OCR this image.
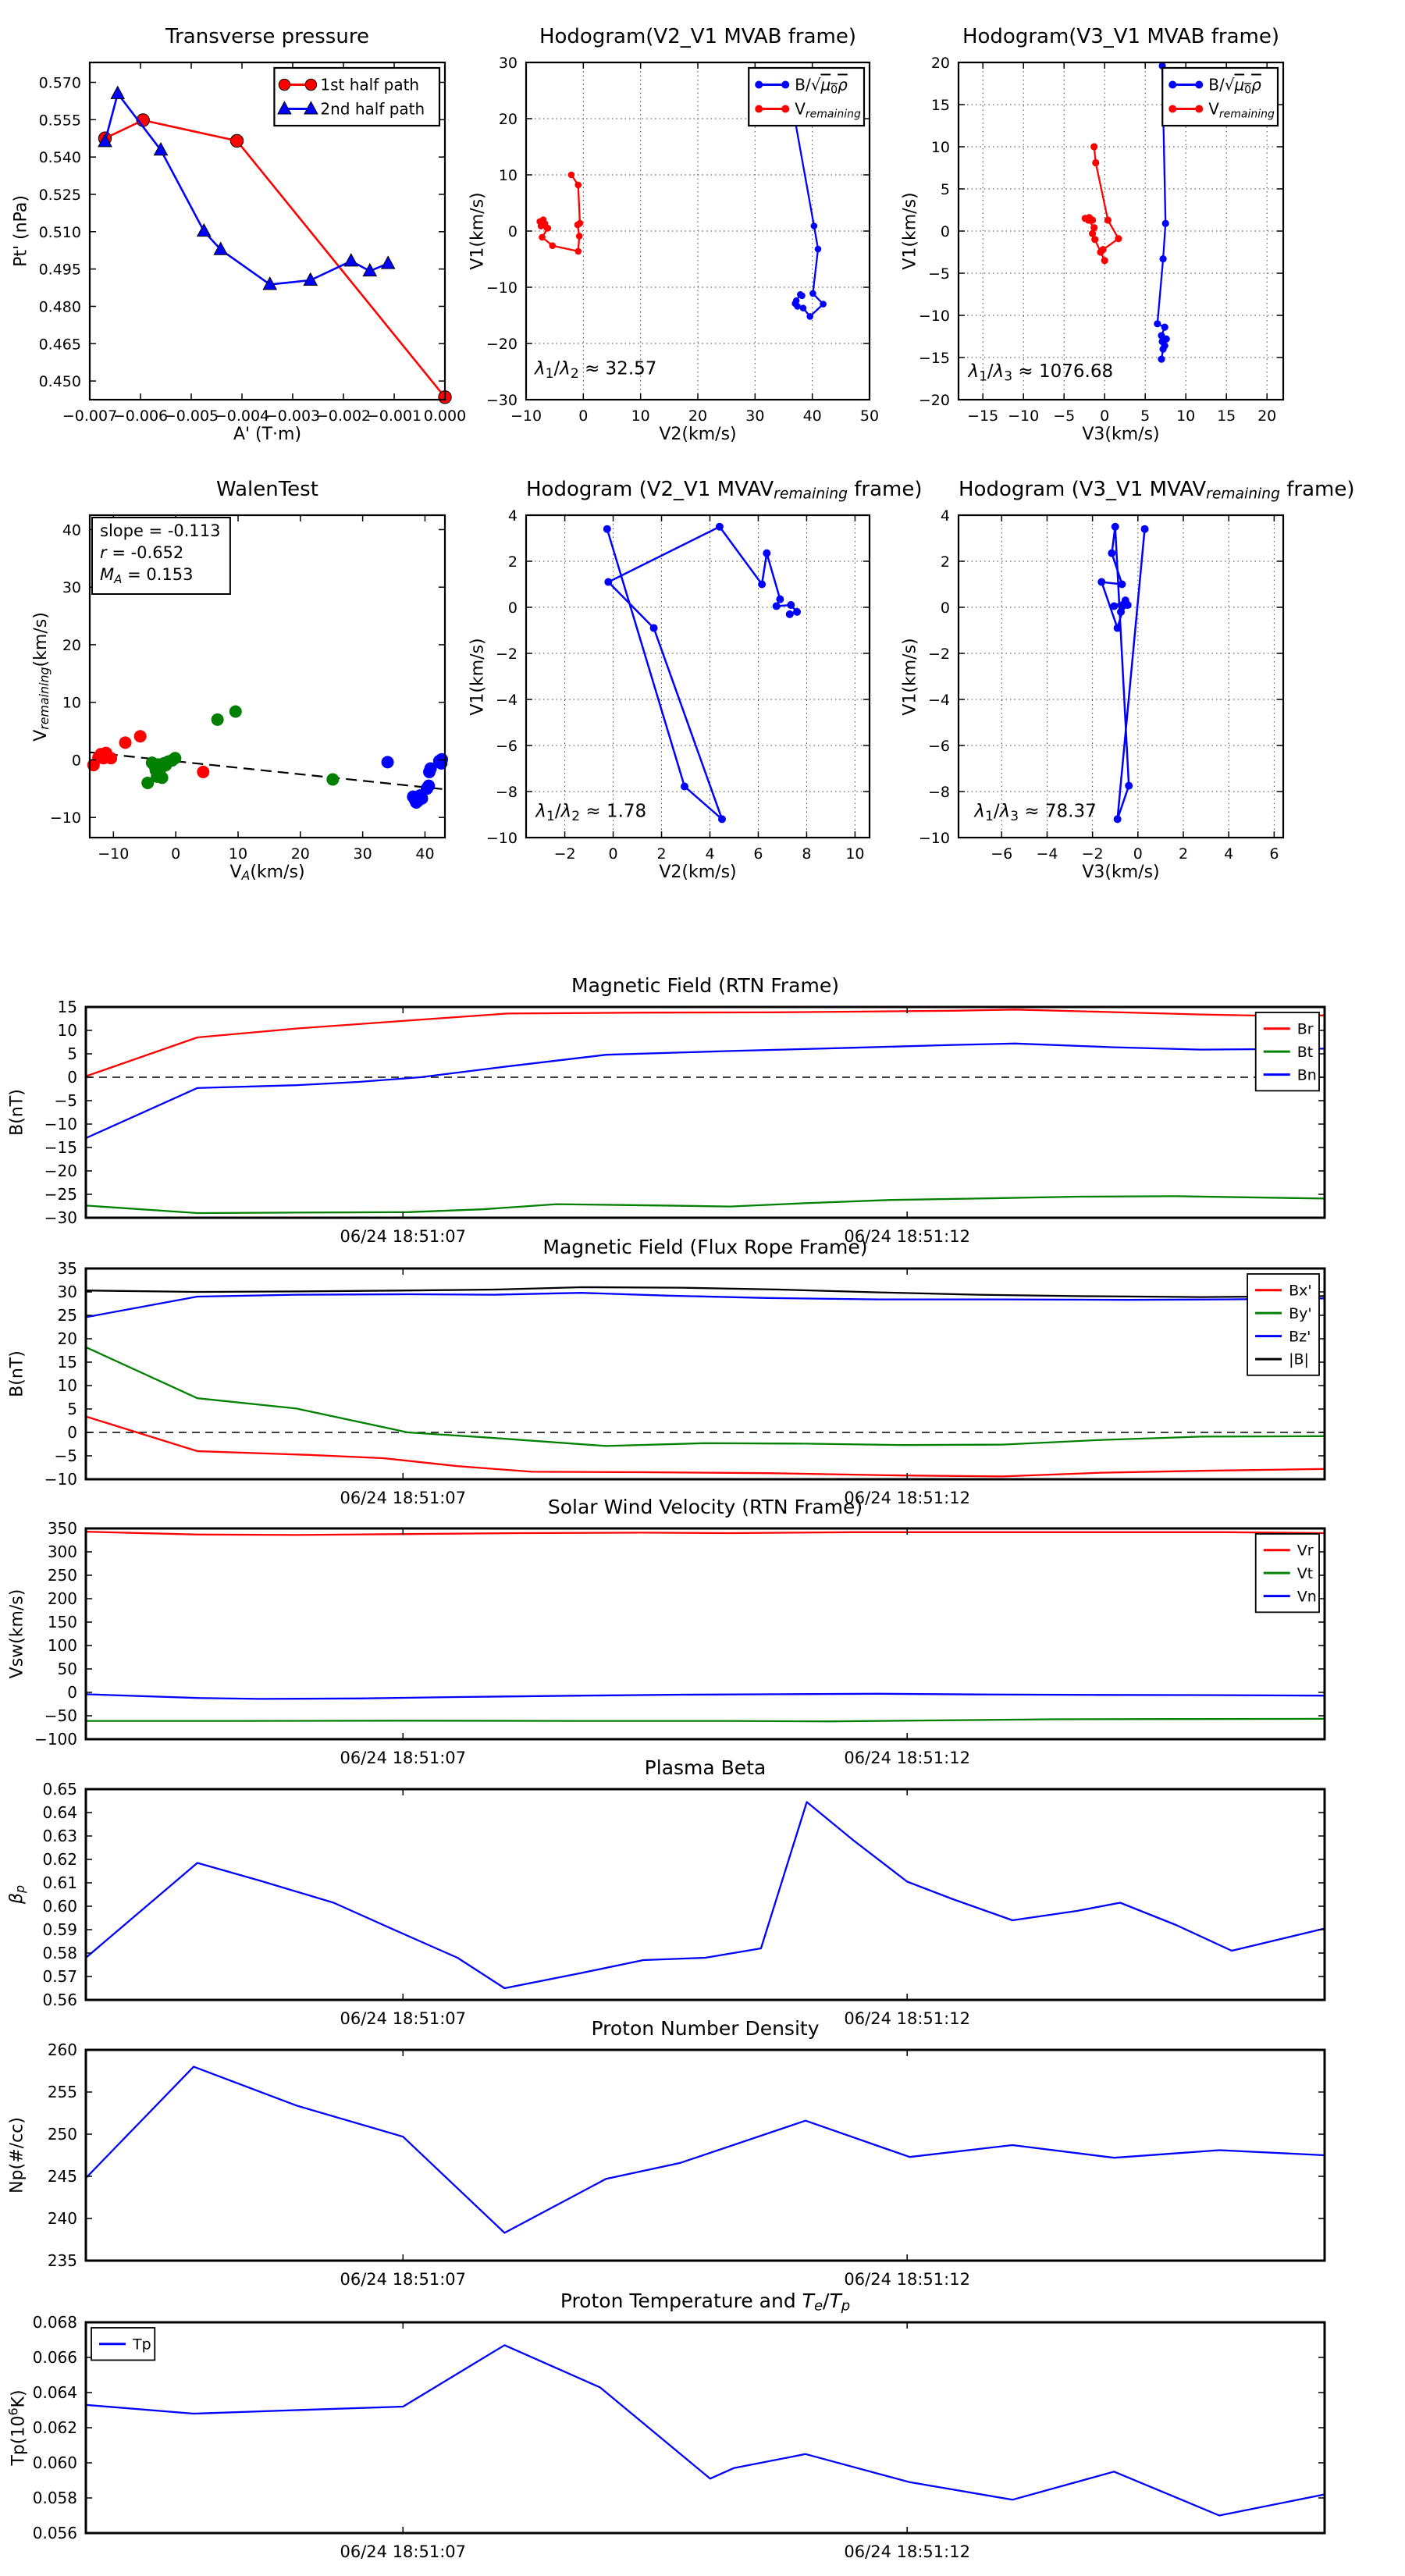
Transverse pressure
A' (T·m)
Pt' (nPa)
−0.007
−0.006
−0.005
−0.004
−0.003
−0.002
−0.001 0.000
0.450
0.465
0.480
0.495
0.510
0.525
0.540
0.555
0.570	1st half path
2nd half path
Hodogram(V2_V1 MVAB frame)
V2(km/s)
V1(km/s)
−10 0	10	20	30	40	50
−30
−20
−10
0
10
20
30
λ1/λ2 ≈ 32.57
$B/√\mu_0\rho$
$V_{remaining}$
Hodogram(V3_V1 MVAB frame)
V3(km/s)
V1(km/s)
−15 −10 −5 0 5 10 15 20
−20
−15
−10
−5
0
5
10
15
20
λ1/λ3 ≈ 1076.68
$B/√\mu_0\rho$
$V_{remaining}$
WalenTest
VA(km/s)
Vremaining(km/s)
−10	0	10	20	30	40
−10
0
10
20
30
40 slope = -0.113
r = -0.652
$M_A = 0.153$
Hodogram (V2_V1 MVAVremaining frame)
V2(km/s)
V1(km/s)
−2 0	2	4	6	8 10
−10
−8
−6
−4
−2
0
2
4
λ1/λ2 ≈ 1.78
Hodogram (V3_V1 MVAVremaining frame)
V3(km/s)
V1(km/s)
−6 −4 −2 0 2 4 6
−10
−8
−6
−4
−2
0
2
4
λ1/λ3 ≈ 78.37
Magnetic Field (RTN Frame)
B(nT)
06/24 18:51:07	06/24 18:51:12
−30
−25
−20
−15
−10
−5
0
5
10
15
Br
Bt
Bn
Magnetic Field (Flux Rope Frame)
B(nT)
06/24 18:51:07	06/24 18:51:12
−10
−5
0
5
10
15
20
25
30
35
Bx'
By'
Bz'
|B|
Solar Wind Velocity (RTN Frame)
Vsw(km/s)
06/24 18:51:07	06/24 18:51:12
−100
−50
0
50
100
150
200
250
300
350
Vr
Vt
Vn
Plasma Beta
βp
06/24 18:51:07	06/24 18:51:12
0.56
0.57
0.58
0.59
0.60
0.61
0.62
0.63
0.64
0.65
Proton Number Density
Np(#/cc)
06/24 18:51:07	06/24 18:51:12
235
240
245
250
255
260
Proton Temperature and Te/Tp
$Tp(10^6K)$
06/24 18:51:07	06/24 18:51:12
0.056
0.058
0.060
0.062
0.064
0.066
0.068
Tp
